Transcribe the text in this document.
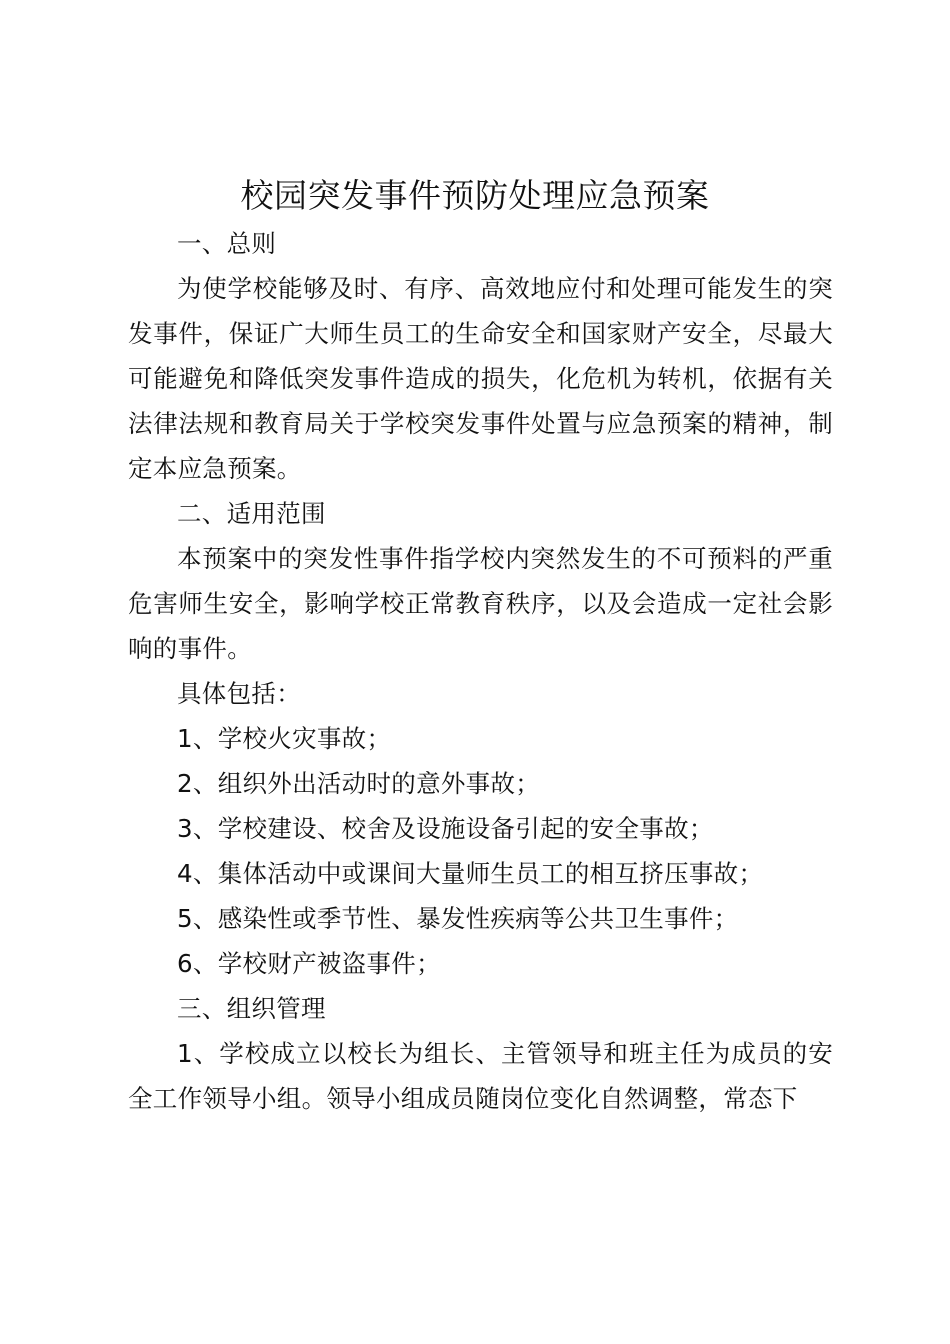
校园突发事件预防处理应急预案

一、总则

为使学校能够及时、有序、高效地应付和处理可能发生的突发事件，保证广大师生员工的生命安全和国家财产安全，尽最大可能避免和降低突发事件造成的损失，化危机为转机，依据有关法律法规和教育局关于学校突发事件处置与应急预案的精神，制定本应急预案。

二、适用范围

本预案中的突发性事件指学校内突然发生的不可预料的严重危害师生安全，影响学校正常教育秩序，以及会造成一定社会影响的事件。

具体包括：

1、学校火灾事故；

2、组织外出活动时的意外事故；

3、学校建设、校舍及设施设备引起的安全事故；

4、集体活动中或课间大量师生员工的相互挤压事故；

5、感染性或季节性、暴发性疾病等公共卫生事件；

6、学校财产被盗事件；

三、组织管理

1、学校成立以校长为组长、主管领导和班主任为成员的安全工作领导小组。领导小组成员随岗位变化自然调整，常态下
